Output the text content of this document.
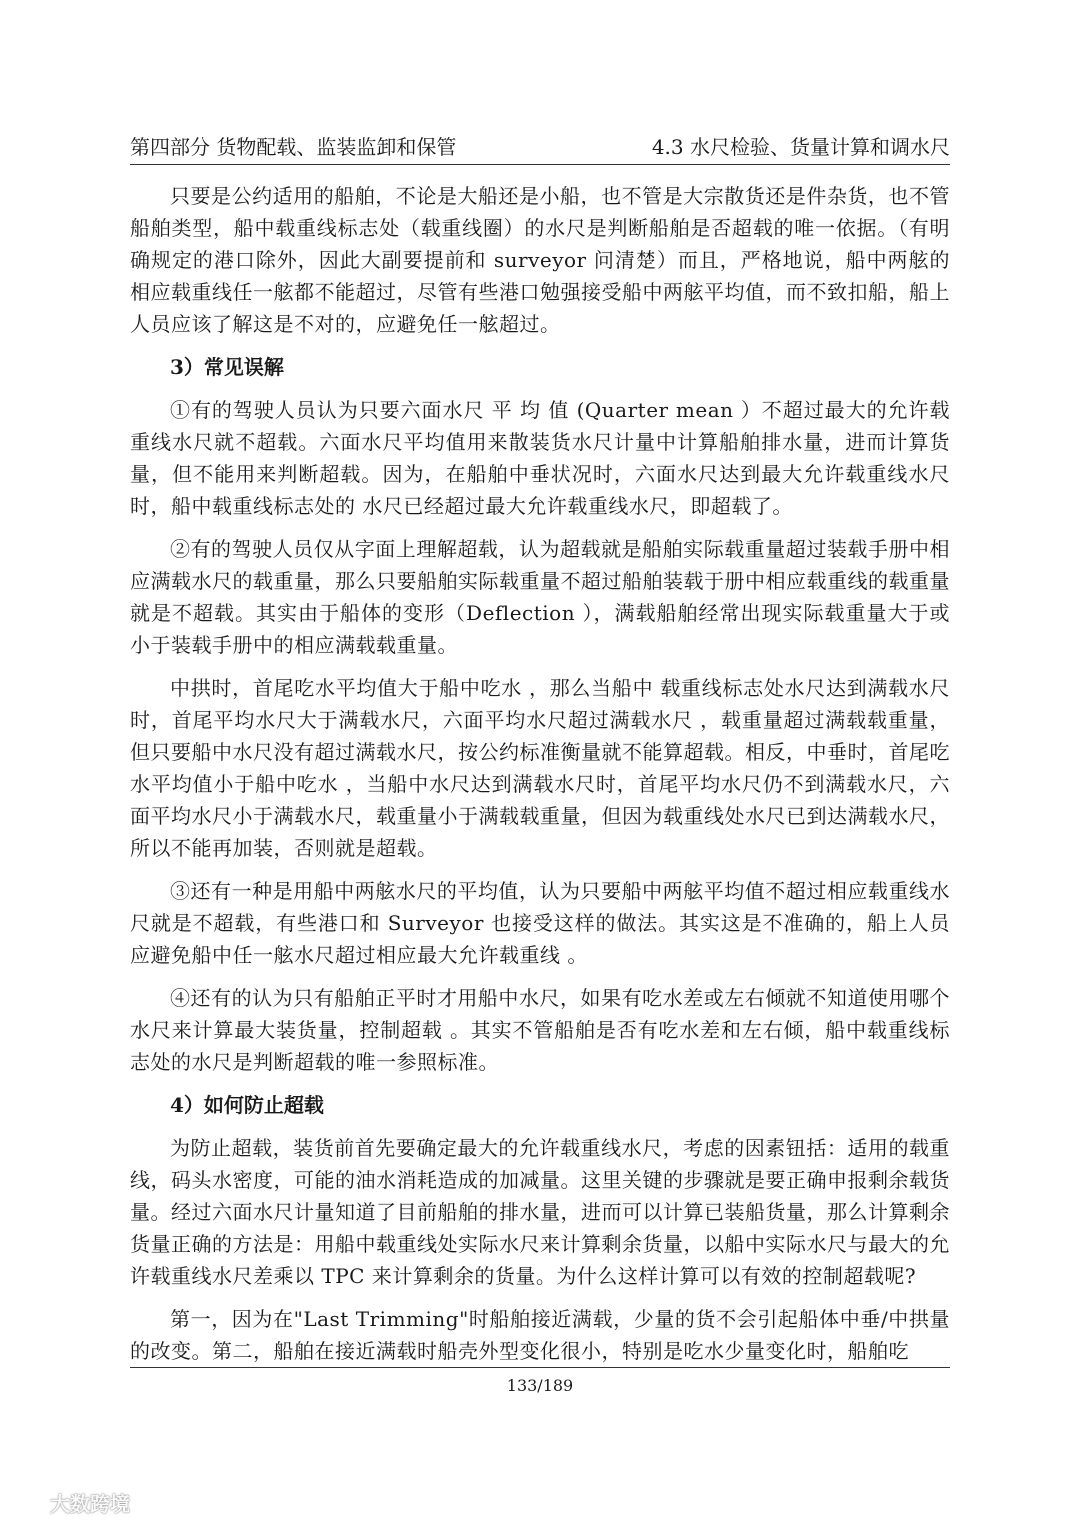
第四部分 货物配载、监装监卸和保管	4.3 水尺检验、货量计算和调水尺

只要是公约适用的船舶，不论是大船还是小船，也不管是大宗散货还是件杂货，也不管船舶类型，船中载重线标志处（载重线圈）的水尺是判断船舶是否超载的唯一依据。（有明确规定的港口除外，因此大副要提前和 surveyor 问清楚）而且，严格地说，船中两舷的相应载重线任一舷都不能超过，尽管有些港口勉强接受船中两舷平均值，而不致扣船，船上人员应该了解这是不对的，应避免任一舷超过。

3）常见误解

①有的驾驶人员认为只要六面水尺 平 均 值 (Quarter mean ）不超过最大的允许载重线水尺就不超载。六面水尺平均值用来散装货水尺计量中计算船舶排水量，进而计算货量，但不能用来判断超载。因为，在船舶中垂状况时，六面水尺达到最大允许载重线水尺时，船中载重线标志处的 水尺已经超过最大允许载重线水尺，即超载了。

②有的驾驶人员仅从字面上理解超载，认为超载就是船舶实际载重量超过装载手册中相应满载水尺的载重量，那么只要船舶实际载重量不超过船舶装载于册中相应载重线的载重量就是不超载。其实由于船体的变形（Deflection ），满载船舶经常出现实际载重量大于或小于装载手册中的相应满载载重量。

中拱时，首尾吃水平均值大于船中吃水 ，那么当船中 载重线标志处水尺达到满载水尺时，首尾平均水尺大于满载水尺，六面平均水尺超过满载水尺 ，载重量超过满载载重量，但只要船中水尺没有超过满载水尺，按公约标准衡量就不能算超载。相反，中垂时，首尾吃水平均值小于船中吃水 ，当船中水尺达到满载水尺时，首尾平均水尺仍不到满载水尺，六面平均水尺小于满载水尺，载重量小于满载载重量，但因为载重线处水尺已到达满载水尺，所以不能再加装，否则就是超载。

③还有一种是用船中两舷水尺的平均值，认为只要船中两舷平均值不超过相应载重线水尺就是不超载，有些港口和 Surveyor 也接受这样的做法。其实这是不准确的，船上人员应避免船中任一舷水尺超过相应最大允许载重线 。

④还有的认为只有船舶正平时才用船中水尺，如果有吃水差或左右倾就不知道使用哪个水尺来计算最大装货量，控制超载 。其实不管船舶是否有吃水差和左右倾，船中载重线标志处的水尺是判断超载的唯一参照标准。

4）如何防止超载

为防止超载，装货前首先要确定最大的允许载重线水尺，考虑的因素钮括：适用的载重线，码头水密度，可能的油水消耗造成的加减量。这里关键的步骤就是要正确申报剩余载货量。经过六面水尺计量知道了目前船舶的排水量，进而可以计算已装船货量，那么计算剩余货量正确的方法是：用船中载重线处实际水尺来计算剩余货量，以船中实际水尺与最大的允许载重线水尺差乘以 TPC 来计算剩余的货量。为什么这样计算可以有效的控制超载呢?

第一，因为在"Last Trimming"时船舶接近满载，少量的货不会引起船体中垂/中拱量的改变。第二，船舶在接近满载时船壳外型变化很小，特别是吃水少量变化时，船舶吃

133/189
大数跨境
